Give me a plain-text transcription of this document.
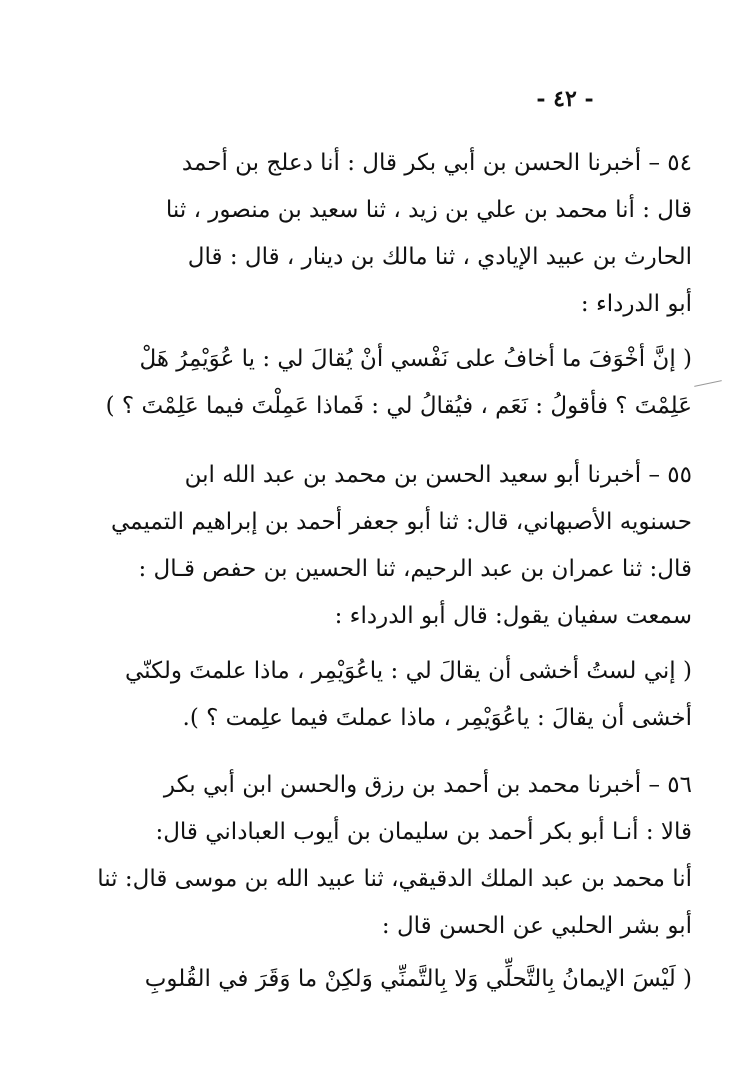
- ٤٢ -
٥٤ – أخبرنا الحسن بن أبي بكر قال : أنا دعلج بن أحمد
قال : أنا محمد بن علي بن زيد ، ثنا سعيد بن منصور ، ثنا
الحارث بن عبيد الإيادي ، ثنا مالك بن دينار ، قال : قال
أبو الدرداء :
( إنَّ أخْوَفَ ما أخافُ على نَفْسي أنْ يُقالَ لي : يا عُوَيْمِرُ هَلْ
عَلِمْتَ ؟ فأقولُ : نَعَم ، فيُقالُ لي : فَماذا عَمِلْتَ فيما عَلِمْتَ ؟ )
٥٥ – أخبرنا أبو سعيد الحسن بن محمد بن عبد الله ابن
حسنويه الأصبهاني، قال: ثنا أبو جعفر أحمد بن إبراهيم التميمي
قال: ثنا عمران بن عبد الرحيم، ثنا الحسين بن حفص قـال :
سمعت سفيان يقول: قال أبو الدرداء :
( إني لستُ أخشى أن يقالَ لي : ياعُوَيْمِر ، ماذا علمتَ ولكنّي
أخشى أن يقالَ : ياعُوَيْمِر ، ماذا عملتَ فيما علِمت ؟ ).
٥٦ – أخبرنا محمد بن أحمد بن رزق والحسن ابن أبي بكر
قالا : أنـا أبو بكر أحمد بن سليمان بن أيوب العباداني قال:
أنا محمد بن عبد الملك الدقيقي، ثنا عبيد الله بن موسى قال: ثنا
أبو بشر الحلبي عن الحسن قال :
( لَيْسَ الإيمانُ بِالتَّحلِّي وَلا بِالتَّمنِّي وَلكِنْ ما وَقَرَ في القُلوبِ
